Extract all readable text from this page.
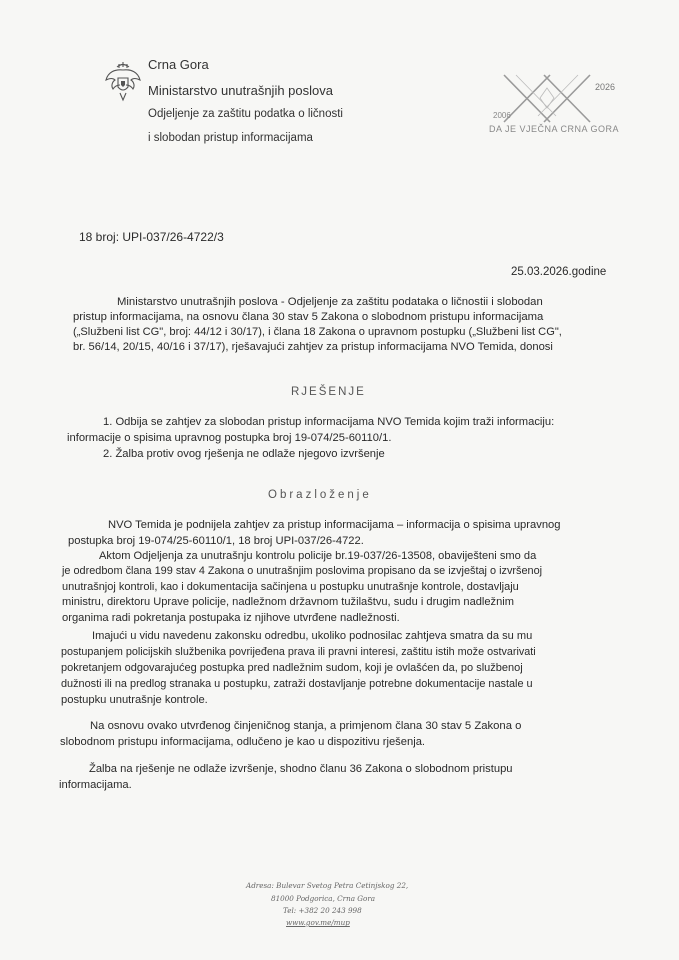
Crna Gora
Ministarstvo unutrašnjih poslova
Odjeljenje za zaštitu podatka o ličnosti
i slobodan pristup informacijama
2026
2006
DA JE VJEČNA CRNA GORA
18 broj: UPI-037/26-4722/3
25.03.2026.godine
Ministarstvo unutrašnjih poslova - Odjeljenje za zaštitu podataka o ličnostii i slobodan
pristup informacijama, na osnovu člana 30 stav 5 Zakona o slobodnom pristupu informacijama
(„Službeni list CG", broj: 44/12 i 30/17), i člana 18 Zakona o upravnom postupku („Službeni list CG",
br. 56/14, 20/15, 40/16 i 37/17), rješavajući zahtjev za pristup informacijama NVO Temida, donosi
RJEŠENJE
1. Odbija se zahtjev za slobodan pristup informacijama NVO Temida kojim traži informaciju:
informacije o spisima upravnog postupka broj 19-074/25-60110/1.
2. Žalba protiv ovog rješenja ne odlaže njegovo izvršenje
Obrazloženje
NVO Temida je podnijela zahtjev za pristup informacijama – informacija o spisima upravnog
postupka broj 19-074/25-60110/1, 18 broj UPI-037/26-4722.
Aktom Odjeljenja za unutrašnju kontrolu policije br.19-037/26-13508, obaviješteni smo da
je odredbom člana 199 stav 4 Zakona o unutrašnjim poslovima propisano da se izvještaj o izvršenoj
unutrašnjoj kontroli, kao i dokumentacija sačinjena u postupku unutrašnje kontrole, dostavljaju
ministru, direktoru Uprave policije, nadležnom državnom tužilaštvu, sudu i drugim nadležnim
organima radi pokretanja postupaka iz njihove utvrđene nadležnosti.
Imajući u vidu navedenu zakonsku odredbu, ukoliko podnosilac zahtjeva smatra da su mu
postupanjem policijskih službenika povrijeđena prava ili pravni interesi, zaštitu istih može ostvarivati
pokretanjem odgovarajućeg postupka pred nadležnim sudom, koji je ovlašćen da, po službenoj
dužnosti ili na predlog stranaka u postupku, zatraži dostavljanje potrebne dokumentacije nastale u
postupku unutrašnje kontrole.
Na osnovu ovako utvrđenog činjeničnog stanja, a primjenom člana 30 stav 5 Zakona o
slobodnom pristupu informacijama, odlučeno je kao u dispozitivu rješenja.
Žalba na rješenje ne odlaže izvršenje, shodno članu 36 Zakona o slobodnom pristupu
informacijama.
Adresa: Bulevar Svetog Petra Cetinjskog 22,
81000 Podgorica, Crna Gora
Tel: +382 20 243 998
www.gov.me/mup
